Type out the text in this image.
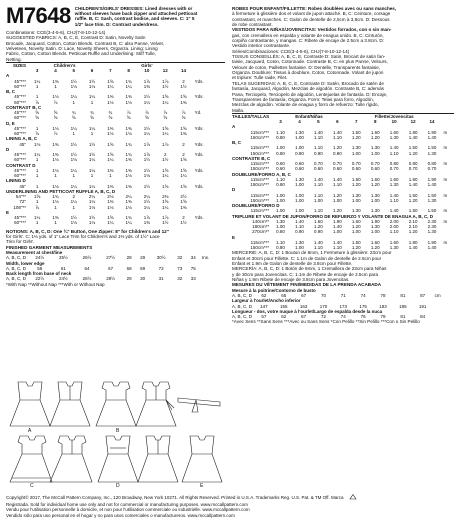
M7648 CHILDREN'S/GIRLS' DRESSES: Lined dresses with or

without sleeves have back zipper and attached petticoat

ruffle. B, C: Sash, contrast bodice, and sleeves. C: 1" 5

1/2" lace trim. D: Contrast underdress.

Combinations: CCE(3-4-5-6), CHJ(7-8-10-12-14)

SUGGESTED FABRICS: A, B, C, E, Contrast D: Satin, Novelty Satin

Brocade, Jacquard, Cotton, Cotton Blends. Contrast B, C: also Panne, Velvet,

Velveteen, Novelty Satin. D: Lace, Novelty Sheers, Organza. Lining: Lining

Fabric, Cotton, Cotton Blends. Petticoat Ruffle and Underlining: Stiff Tulle,

Netting.

SIZES	Children's				Girls'					
	3	4	5	6	7	8	10	12	14	
A										
45"***	1¼	1⅜	1½	1½	1⅝	1¾	1⅞	1⅞	2	Yds.
60"***	1	1	1⅛	1⅛	1¼	1¼	1⅜	1½	1½	
B, C										
45"***	1	1⅛	1¼	1¼	1⅜	1⅜	1½	1⅝	1⅝	Yds.
60"***	⅞	⅞	1	1	1⅛	1⅛	1¼	1¼	1⅜	
CONTRAST B, C										
45"***	⅝	⅝	¾	¾	¾	⅞	⅞	⅞	⅞	Yd.
60"***	⅝	⅝	⅝	⅝	⅝	⅝	⅝	⅝	⅝	
D, E										
45"***	1	1⅛	1¼	1¼	1⅜	1⅜	1½	1⅝	1⅝	Yds.
60"***	⅞	⅞	1	1	1⅛	1⅛	1¼	1¼	1⅜	
LINING A, B, C										
45"	1⅛	1⅜	1½	1½	1⅝	1¾	1⅞	1⅞	2	Yds.
D										
45"***	1¼	1⅜	1½	1½	1⅝	1¾	1⅞	2	2	Yds.
60"***	1	1⅛	1⅛	1¼	1¼	1⅜	1½	1½	1⅝	
CONTRAST D										
45"***	1	1⅛	1¼	1¼	1⅜	1⅜	1½	1⅝	1⅝	Yds.
60"***	1	1	1	1	1	1⅛	1⅛	1¼	1¼	
LINING D										
45"	1	1⅛	1¼	1¼	1⅜	1⅜	1½	1⅝	1⅝	Yds.
UNDERLINING AND PETTICOAT RUFFLE A, B, C, D										
54"**	1⅝	1¾	2	2¼	2⅛	2¼	2¼	2⅜	2½	
72"	1	1⅛	1¼	1¼	1⅜	1⅜	1½	1⅝	1⅝	
108"**	⅞	1	1	1⅛	1⅛	1⅛	1¼	1¼	1⅜	
E										
45"***	1¼	1⅜	1½	1½	1⅝	1¾	1⅞	1⅞	2	Yds.
60"***	1	1	1⅛	1⅛	1¼	1¼	1⅜	1½	1½	

NOTIONS: A, B, C, D: One ¾" Button, One Zipper: 8" for Children's and 12"

for Girls'. C: 1⅓ yds. of 1" Lace Trim for Children's and 1⅔ yds. of 1½" Lace

Trim for Girls'.

FINISHED GARMENT MEASUREMENTS

Measurement at chest/line										
A, B, C, D	24½	25½	26½	27½	28	29	30½	32	34	Ins.
Width, lower edge										
A, B, C, D	58	61	64	67	68	69	72	73	75	
Back length from base of neck										
A, B, C, D	22½	24½	26½	28½	29	30	31	32	33	

*With Nap **Without Nap ***With or Without Nap

A	B
C	D	E

ROBES POUR ENFANT/FILLETTE: Robes doublées avec ou sans manches,

à fermeture à glissière dos et volant de jupon attaché. B, C: Ceinture, corsage

contrastant, et manches. C: Galon de dentelle de 2,5cm à 3,8cm. D: Dessous

de robe contrastant.

VESTIDOS PARA NIÑAS/JOVENCITAS: Vestidos forrados, con o sin man-

gas, con cremallera en espalda y volante de enagua unido. B, C: Cinturón,

corpiño contrastante, y mangas. C: Ribete de encaje de 2.5cm a 3.8cm. D:

Vestido interior contrastante.

Séries/Combinaciones: CCE(3-4-5-6), CHJ(7-8-10-12-14)

TISSUS CONSEILLÉS: A, B, C, E, Contraste D: Satin, Brocart de satin fan-

taisie, Jacquard, Coton, Cotonnade. Contraste B, C: en plus Panne, Velours,

Velours de coton, Paillettes fantaisie. D: Dentelle, Transparents fantaisie,

Organza. Doublure: Tissus à doublure, Coton, Cotonnade. Volant de jupon

et triplure: Tulle raide, Filet.

TELAS SUGERIDAS: A, B, C, E, Contraste D: Satén, Brocado de satén de

fantasía, Jacquard, Algodón, Mezclas de algodón. Contraste B, C: además

Pana, Terciopelo, Terciopelo de algodón, Lentejuelas de fantasía. D: Encaje,

Transparentes de fantasía, Organza. Forro: Telas para forro, Algodón,

Mezclas de algodón. Volante de enagua y forro de refuerzo: Tulle rígido,

Malla.

TAILLES/TALLAS	Enfant/Niñas				Fillette/Jovencitas					
	3	4	5	6	7	8	10	12	14	
A										
115cm***	1.10	1.30	1.40	1.40	1.50	1.60	1.60	1.80	1.90	m
150cm***	0.80	1.00	1.10	1.10	1.20	1.20	1.30	1.40	1.40	
B, C										
115cm***	1.00	1.00	1.10	1.20	1.30	1.30	1.40	1.50	1.50	m
150cm***	0.80	0.80	0.90	0.90	1.00	1.00	1.10	1.20	1.30	
CONTRASTE B, C										
115cm***	0.60	0.60	0.70	0.70	0.70	0.70	0.80	0.80	0.80	m
150cm***	0.60	0.60	0.60	0.60	0.60	0.60	0.70	0.70	0.70	
DOUBLURE/FORRO A, B, C										
115cm***	1.10	1.30	1.40	1.40	1.50	1.60	1.60	1.80	1.90	m
150cm***	0.80	1.00	1.10	1.10	1.20	1.20	1.30	1.40	1.40	
D										
115cm***	1.00	1.00	1.10	1.20	1.30	1.30	1.40	1.50	1.50	m
150cm***	1.00	1.00	1.00	1.00	1.00	1.00	1.10	1.20	1.30	
DOUBLURE/FORRO D										
115cm***	1.00	1.00	1.10	1.20	1.30	1.30	1.40	1.50	1.50	m
TRIPLURE ET VOLANT DE JUPON/FORRO DE REFUERZO Y VOLANTE DE ENAGUA A, B, C, D										
140cm**	1.30	1.40	1.60	1.90	1.60	1.90	2.00	2.10	2.30	m
180cm**	1.00	1.10	1.20	1.40	1.20	1.30	2.00	2.10	2.30	
270cm**	0.80	0.90	0.90	1.00	1.00	1.00	1.10	1.20	1.30	
E										
115cm***	1.10	1.30	1.40	1.40	1.50	1.60	1.60	1.80	1.90	m
150cm***	0.80	1.00	1.10	1.10	1.20	1.20	1.30	1.40	1.40	

MERCERIE: A, B, C, D: 1 Bouton de 8mm, 1 Fermeture à glissière: 23cm pour

Enfant et 30cm pour Fillette. C: 1.1m de Galon de dentelle de 2.5cm pour

Enfant et 1.9m de Galon de dentelle de 3.8cm pour Fillette.

MERCERÍA: A, B, C, D: 1 Botón de 8mm, 1 Cremallera de 23cm para Niñas

y de 30cm para Jovencitas. C: 1.1m de Ribete de encaje de 2.5cm para

Niñas y 1.9m Ribete de encaje de 3.8cm para Jovencitas.

MESURES DU VÊTEMENT FINI/MEDIDAS DE LA PRENDA ACABADA

Mesure à la poitrine/Contorno de busto										
A, B, C, D	62	65	67	70	71	74	78	81	87	cm
Largeur à l'ourlet/Ancho inferior										
A, B, C, D	147	155	163	170	173	175	183	185	191	
Longueur - dos, votre nuque à l'ourlet/Largo de espalda desde la nuca										
A, B, C, D	57	62	67	72	74	76	79	81	84	

*Avec Sens **Sans Sens ***Avec ou Sans Sens *Con Pelillo **Sin Pelillo ***Con o Sin Pelillo

Copyright© 2017, The McCall Pattern Company, Inc., 120 Broadway, New York 10271. All Rights Reserved. Printed in U.S.A. Trademarks Reg. U.S. Pat. & TM Off. Marca

Registrada. Sold for individual home use only and not for commercial or manufacturing purposes. www.mccallpattern.com

Vendu pour l'utilisation personnelle à domicile, et non pour l'utilisation commerciale ou industrielle. www.mccallpattern.com

Vendido sólo para uso personal en el hogar y no para usos comerciales o manufactureros. www.mccallpattern.com
